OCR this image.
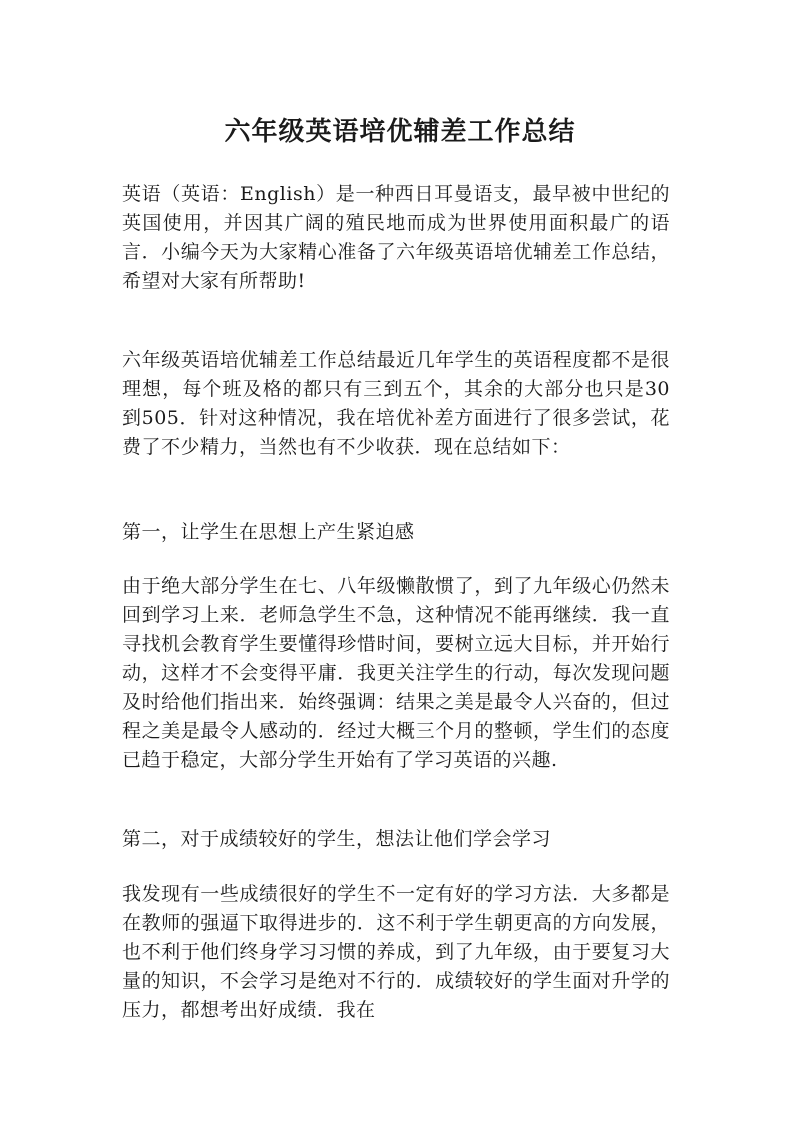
六年级英语培优辅差工作总结

英语（英语：English）是一种西日耳曼语支，最早被中世纪的英国使用，并因其广阔的殖民地而成为世界使用面积最广的语言．小编今天为大家精心准备了六年级英语培优辅差工作总结，希望对大家有所帮助!

六年级英语培优辅差工作总结最近几年学生的英语程度都不是很理想，每个班及格的都只有三到五个，其余的大部分也只是30到505．针对这种情况，我在培优补差方面进行了很多尝试，花费了不少精力，当然也有不少收获．现在总结如下：

第一，让学生在思想上产生紧迫感

由于绝大部分学生在七、八年级懒散惯了，到了九年级心仍然未回到学习上来．老师急学生不急，这种情况不能再继续．我一直寻找机会教育学生要懂得珍惜时间，要树立远大目标，并开始行动，这样才不会变得平庸．我更关注学生的行动，每次发现问题及时给他们指出来．始终强调：结果之美是最令人兴奋的，但过程之美是最令人感动的．经过大概三个月的整顿，学生们的态度已趋于稳定，大部分学生开始有了学习英语的兴趣.

第二，对于成绩较好的学生，想法让他们学会学习

我发现有一些成绩很好的学生不一定有好的学习方法．大多都是在教师的强逼下取得进步的．这不利于学生朝更高的方向发展，也不利于他们终身学习习惯的养成，到了九年级，由于要复习大量的知识，不会学习是绝对不行的．成绩较好的学生面对升学的压力，都想考出好成绩．我在
